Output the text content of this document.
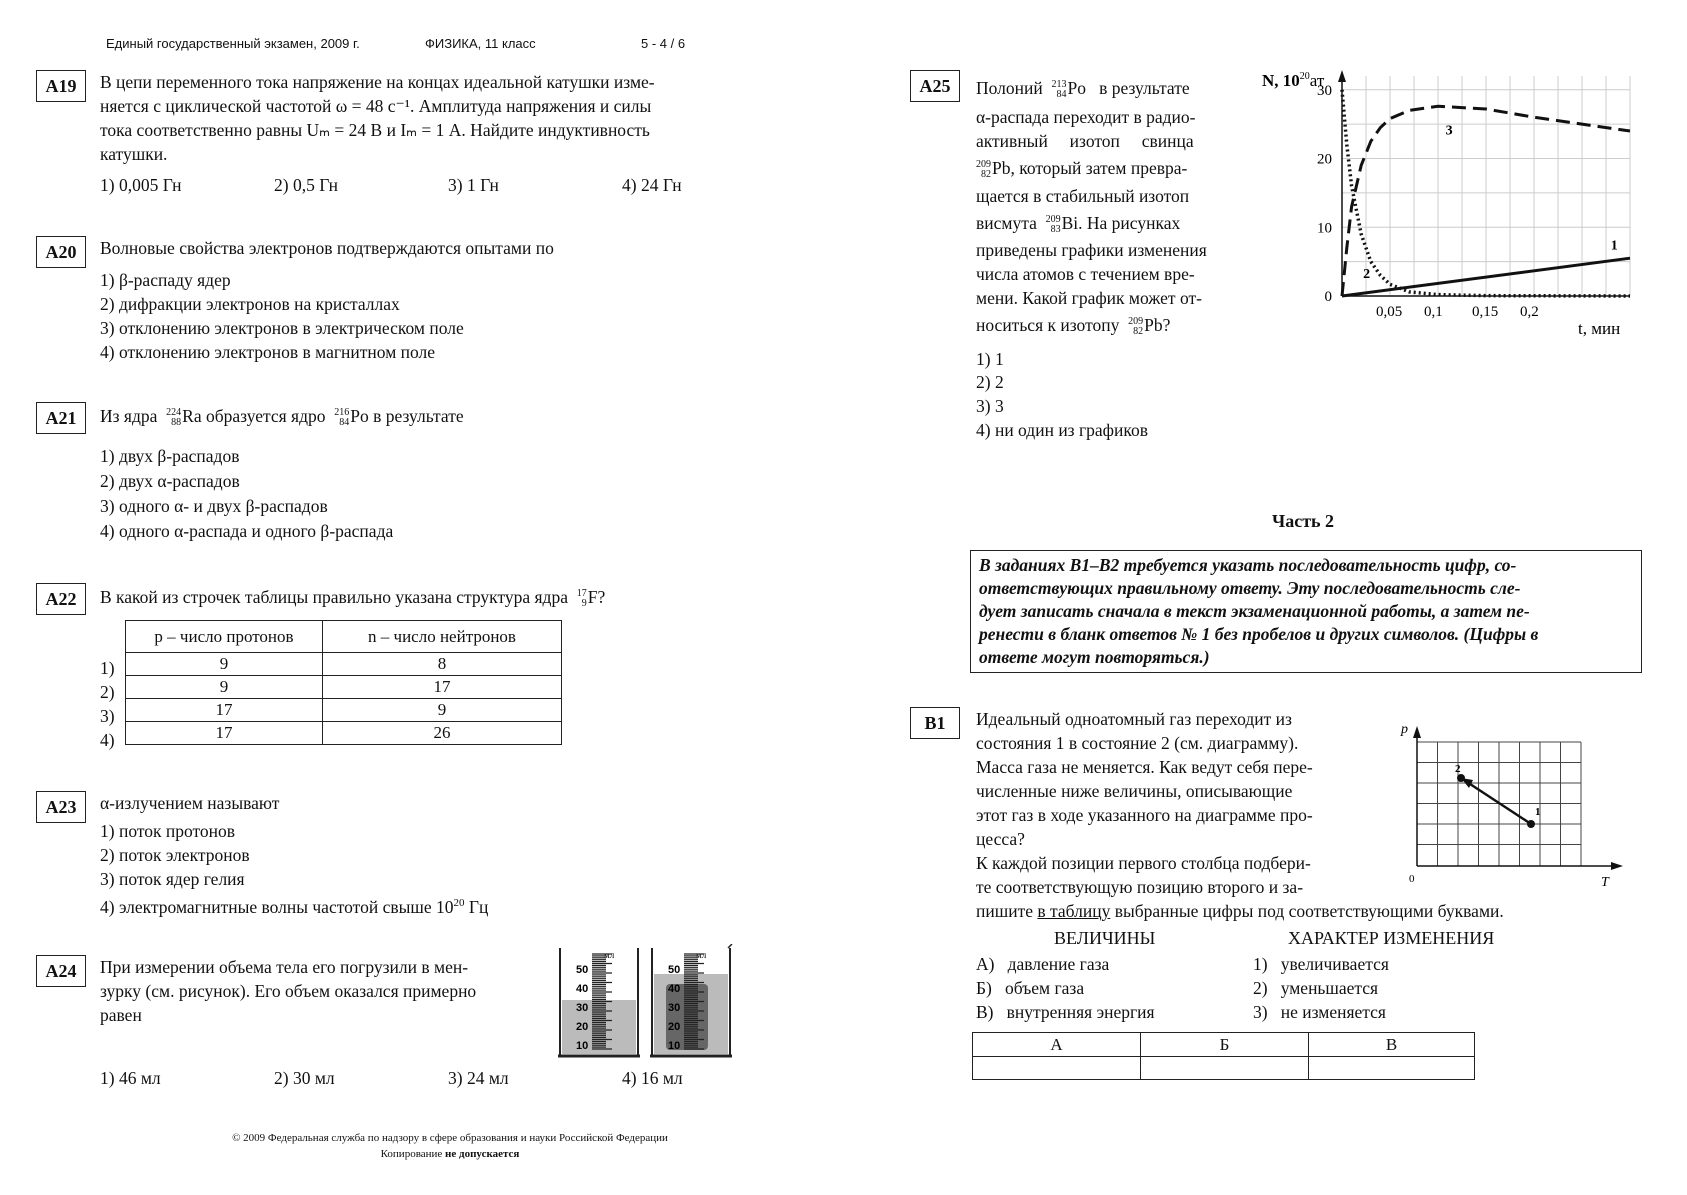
Единый государственный экзамен, 2009 г.	ФИЗИКА, 11 класс	5 - 4 / 6
A19	В цепи переменного тока напряжение на концах идеальной катушки изме-
няется с циклической частотой ω = 48 с⁻¹. Амплитуда напряжения и силы
тока соответственно равны Uₘ = 24 В и Iₘ = 1 А. Найдите индуктивность
катушки.
1) 0,005 Гн	2) 0,5 Гн	3) 1 Гн	4) 24 Гн
A20	Волновые свойства электронов подтверждаются опытами по
1) β-распаду ядер
2) дифракции электронов на кристаллах
3) отклонению электронов в электрическом поле
4) отклонению электронов в магнитном поле
A21	Из ядра 224
88 Ra образуется ядро 216
84 Po в результате
1) двух β-распадов
2) двух α-распадов
3) одного α- и двух β-распадов
4) одного α-распада и одного β-распада
A22	В какой из строчек таблицы правильно указана структура ядра 17
9 F?
1)
2)
3)
4)
p – число протонов	n – число нейтронов
9	8
9	17
17	9
17	26
A23	α-излучением называют
1) поток протонов
2) поток электронов
3) поток ядер гелия
4) электромагнитные волны частотой свыше $10^{20}$ Гц
A24	При измерении объема тела его погрузили в мен-
зурку (см. рисунок). Его объем оказался примерно
равен
1) 46 мл	2) 30 мл	3) 24 мл	4) 16 мл
мл
50
40
30
20
10
мл
50
40
30
20
10
A25	Полоний 213
84 Po в результате
α-распада переходит в радио-
активный     изотоп     свинца
209
82 Pb, который затем превра-
щается в стабильный изотоп
висмута 209
83 Bi. На рисунках
приведены графики изменения
числа атомов с течением вре-
мени. Какой график может от-
носиться к изотопу 209
82 Pb?
1) 1
2) 2
3) 3
4) ни один из графиков
N, $10^{20}ат$
t, мин
0,05 0,1 0,15 0,2
0
10
20
30
1
2
3
Часть 2
В заданиях B1–B2 требуется указать последовательность цифр, со-
ответствующих правильному ответу. Эту последовательность сле-
дует записать сначала в текст экзаменационной работы, а затем пе-
ренести в бланк ответов № 1 без пробелов и других символов. (Цифры в
ответе могут повторяться.)
B1	Идеальный одноатомный газ переходит из
состояния 1 в состояние 2 (см. диаграмму).
Масса газа не меняется. Как ведут себя пере-
численные ниже величины, описывающие
этот газ в ходе указанного на диаграмме про-
цесса?
К каждой позиции первого столбца подбери-
те соответствующую позицию второго и за-
пишите в таблицу выбранные цифры под соответствующими буквами.
p
T
0
1
2
ВЕЛИЧИНЫ	ХАРАКТЕР ИЗМЕНЕНИЯ
А)   давление газа
Б)   объем газа
В)   внутренняя энергия
1)   увеличивается
2)   уменьшается
3)   не изменяется
А	Б	В

© 2009 Федеральная служба по надзору в сфере образования и науки Российской Федерации
Копирование не допускается
